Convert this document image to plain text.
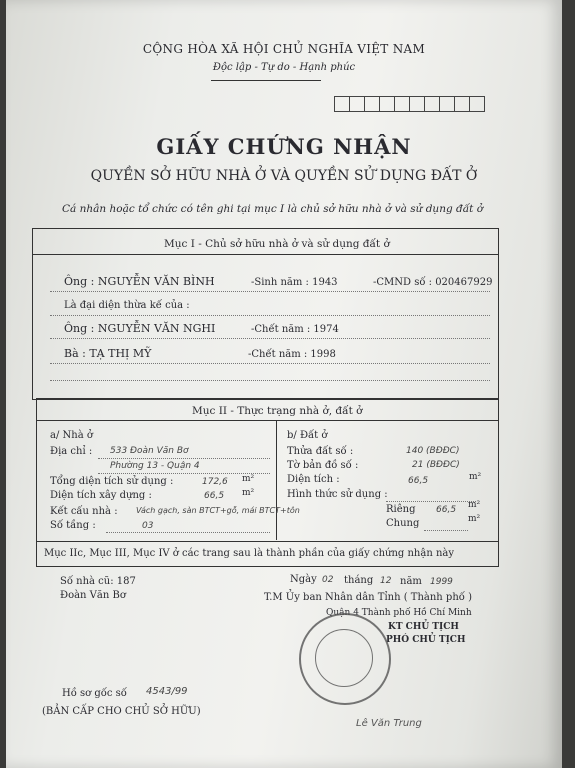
CỘNG HÒA XÃ HỘI CHỦ NGHĨA VIỆT NAM
Độc lập - Tự do - Hạnh phúc
GIẤY CHỨNG NHẬN
QUYỀN SỞ HỮU NHÀ Ở VÀ QUYỀN SỬ DỤNG ĐẤT Ở
Cá nhân hoặc tổ chức có tên ghi tại mục I là chủ sở hữu nhà ở và sử dụng đất ở
Mục I - Chủ sở hữu nhà ở và sử dụng đất ở
Ông : NGUYỄN VĂN BÌNH	-Sinh năm : 1943	-CMND số : 020467929
Là đại diện thừa kế của :
Ông : NGUYỄN VĂN NGHI	-Chết năm : 1974
Bà : TẠ THỊ MỸ	-Chết năm : 1998
Mục II - Thực trạng nhà ở, đất ở
a/ Nhà ở
Địa chỉ : 533 Đoàn Văn Bơ
Phường 13 - Quận 4
Tổng diện tích sử dụng :	172,6 m²
Diện tích xây dựng :	66,5 m²
Kết cấu nhà : Vách gạch, sàn BTCT+gỗ, mái BTCT+tôn
Số tầng :	03
b/ Đất ở
Thửa đất số :	140 (BĐĐC)
Tờ bản đồ số :	21 (BĐĐC)
Diện tích :	66,5	m²
Hình thức sử dụng :
Riêng 66,5 m²
Chung	m²
Mục IIc, Mục III, Mục IV ở các trang sau là thành phần của giấy chứng nhận này
Số nhà cũ: 187
Đoàn Văn Bơ
Ngày 02 tháng 12 năm 1999
T.M Ủy ban Nhân dân Tỉnh ( Thành phố )
Quận 4 Thành phố Hồ Chí Minh
KT CHỦ TỊCH
PHÓ CHỦ TỊCH
Hồ sơ gốc số 4543/99
(BẢN CẤP CHO CHỦ SỞ HỮU)
Lê Văn Trung
